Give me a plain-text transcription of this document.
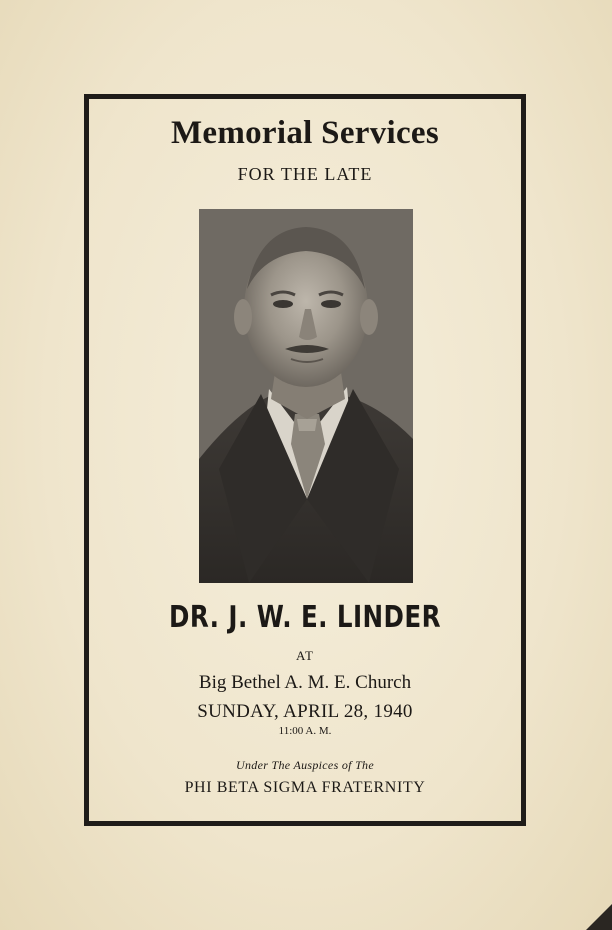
Memorial Services
FOR THE LATE
DR. J. W. E. LINDER
AT
Big Bethel A. M. E. Church
SUNDAY, APRIL 28, 1940
11:00 A. M.
Under The Auspices of The
PHI BETA SIGMA FRATERNITY
